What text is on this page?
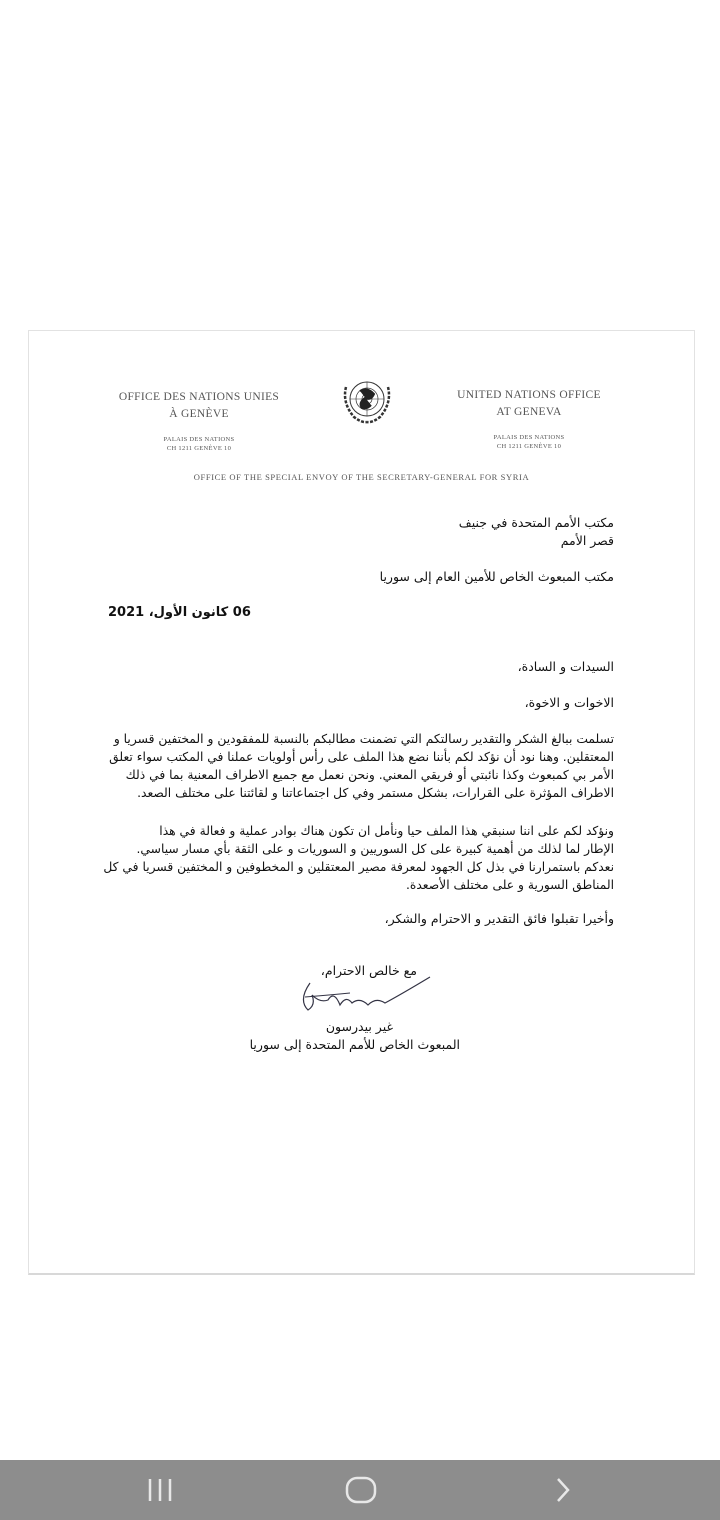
OFFICE DES NATIONS UNIES
À GENÈVE
PALAIS DES NATIONS
CH 1211 GENÈVE 10
UNITED NATIONS OFFICE
AT GENEVA
PALAIS DES NATIONS
CH 1211 GENÈVE 10
OFFICE OF THE SPECIAL ENVOY OF THE SECRETARY-GENERAL FOR SYRIA
مكتب الأمم المتحدة في جنيف
قصر الأمم
مكتب المبعوث الخاص للأمين العام إلى سوريا
06 كانون الأول، 2021
السيدات و السادة،
الاخوات و الاخوة،
تسلمت ببالغ الشكر والتقدير رسالتكم التي تضمنت مطالبكم بالنسبة للمفقودين و المختفين قسريا و
المعتقلين. وهنا نود أن نؤكد لكم بأننا نضع هذا الملف على رأس أولويات عملنا في المكتب سواء تعلق
الأمر بي كمبعوث وكذا نائبتي أو فريقي المعني. ونحن نعمل مع جميع الاطراف المعنية بما في ذلك
الاطراف المؤثرة على القرارات، بشكل مستمر وفي كل اجتماعاتنا و لقائتنا على مختلف الصعد.
ونؤكد لكم على اننا سنبقي هذا الملف حيا ونأمل ان تكون هناك بوادر عملية و فعالة في هذا
الإطار لما لذلك من أهمية كبيرة على كل السوريين و السوريات و على الثقة بأي مسار سياسي.
نعدكم باستمرارنا في بذل كل الجهود لمعرفة مصير المعتقلين و المخطوفين و المختفين قسريا في كل
المناطق السورية و على مختلف الأصعدة.
وأخيرا تقبلوا فائق التقدير و الاحترام والشكر،
مع خالص الاحترام،
غير بيدرسون
المبعوث الخاص للأمم المتحدة إلى سوريا
